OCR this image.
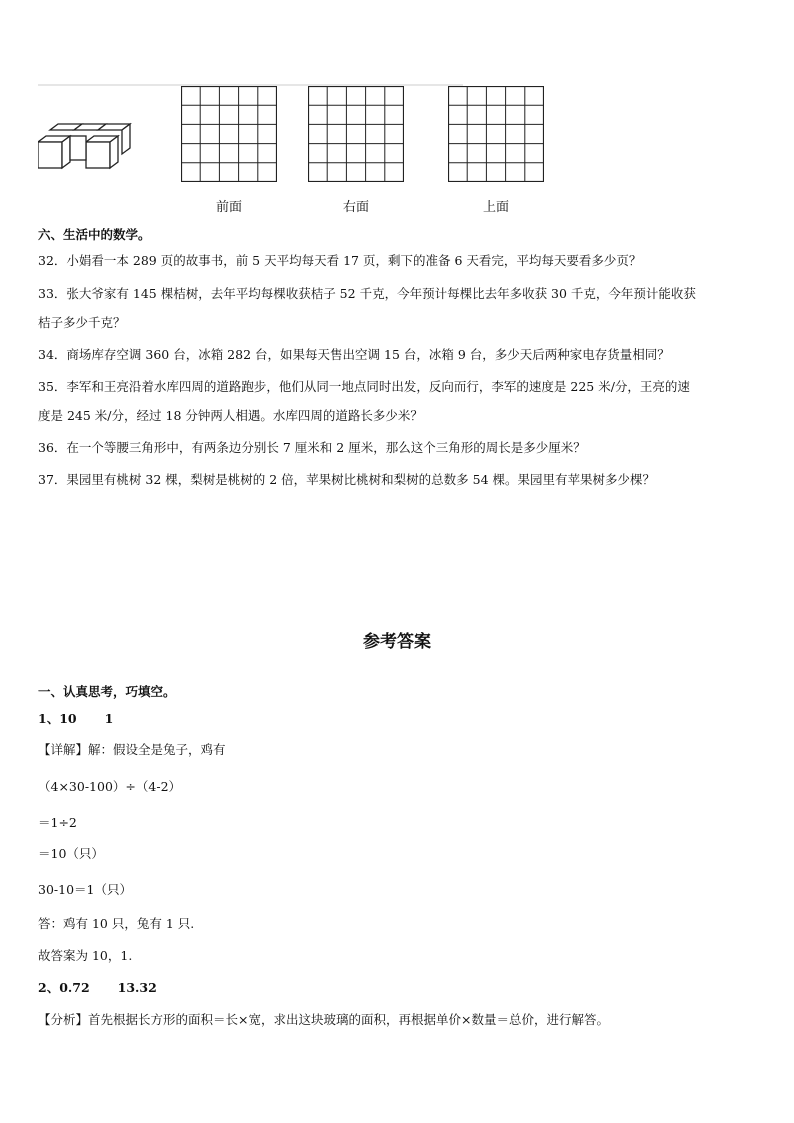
前面	右面	上面
六、生活中的数学。
32．小娟看一本 289 页的故事书，前 5 天平均每天看 17 页，剩下的准备 6 天看完，平均每天要看多少页？
33．张大爷家有 145 棵桔树，去年平均每棵收获桔子 52 千克，今年预计每棵比去年多收获 30 千克，今年预计能收获
桔子多少千克？
34．商场库存空调 360 台，冰箱 282 台，如果每天售出空调 15 台，冰箱 9 台，多少天后两种家电存货量相同？
35．李军和王亮沿着水库四周的道路跑步，他们从同一地点同时出发，反向而行，李军的速度是 225 米/分，王亮的速
度是 245 米/分，经过 18 分钟两人相遇。水库四周的道路长多少米？
36．在一个等腰三角形中，有两条边分别长 7 厘米和 2 厘米，那么这个三角形的周长是多少厘米？
37．果园里有桃树 32 棵，梨树是桃树的 2 倍，苹果树比桃树和梨树的总数多 54 棵。果园里有苹果树多少棵？
参考答案
一、认真思考，巧填空。
1、10 1
【详解】解：假设全是兔子，鸡有
（4×30-100）÷（4-2）
＝1÷2
＝10（只）
30-10＝1（只）
答：鸡有 10 只，兔有 1 只.
故答案为 10，1.
2、0.72 13.32
【分析】首先根据长方形的面积＝长×宽，求出这块玻璃的面积，再根据单价×数量＝总价，进行解答。
